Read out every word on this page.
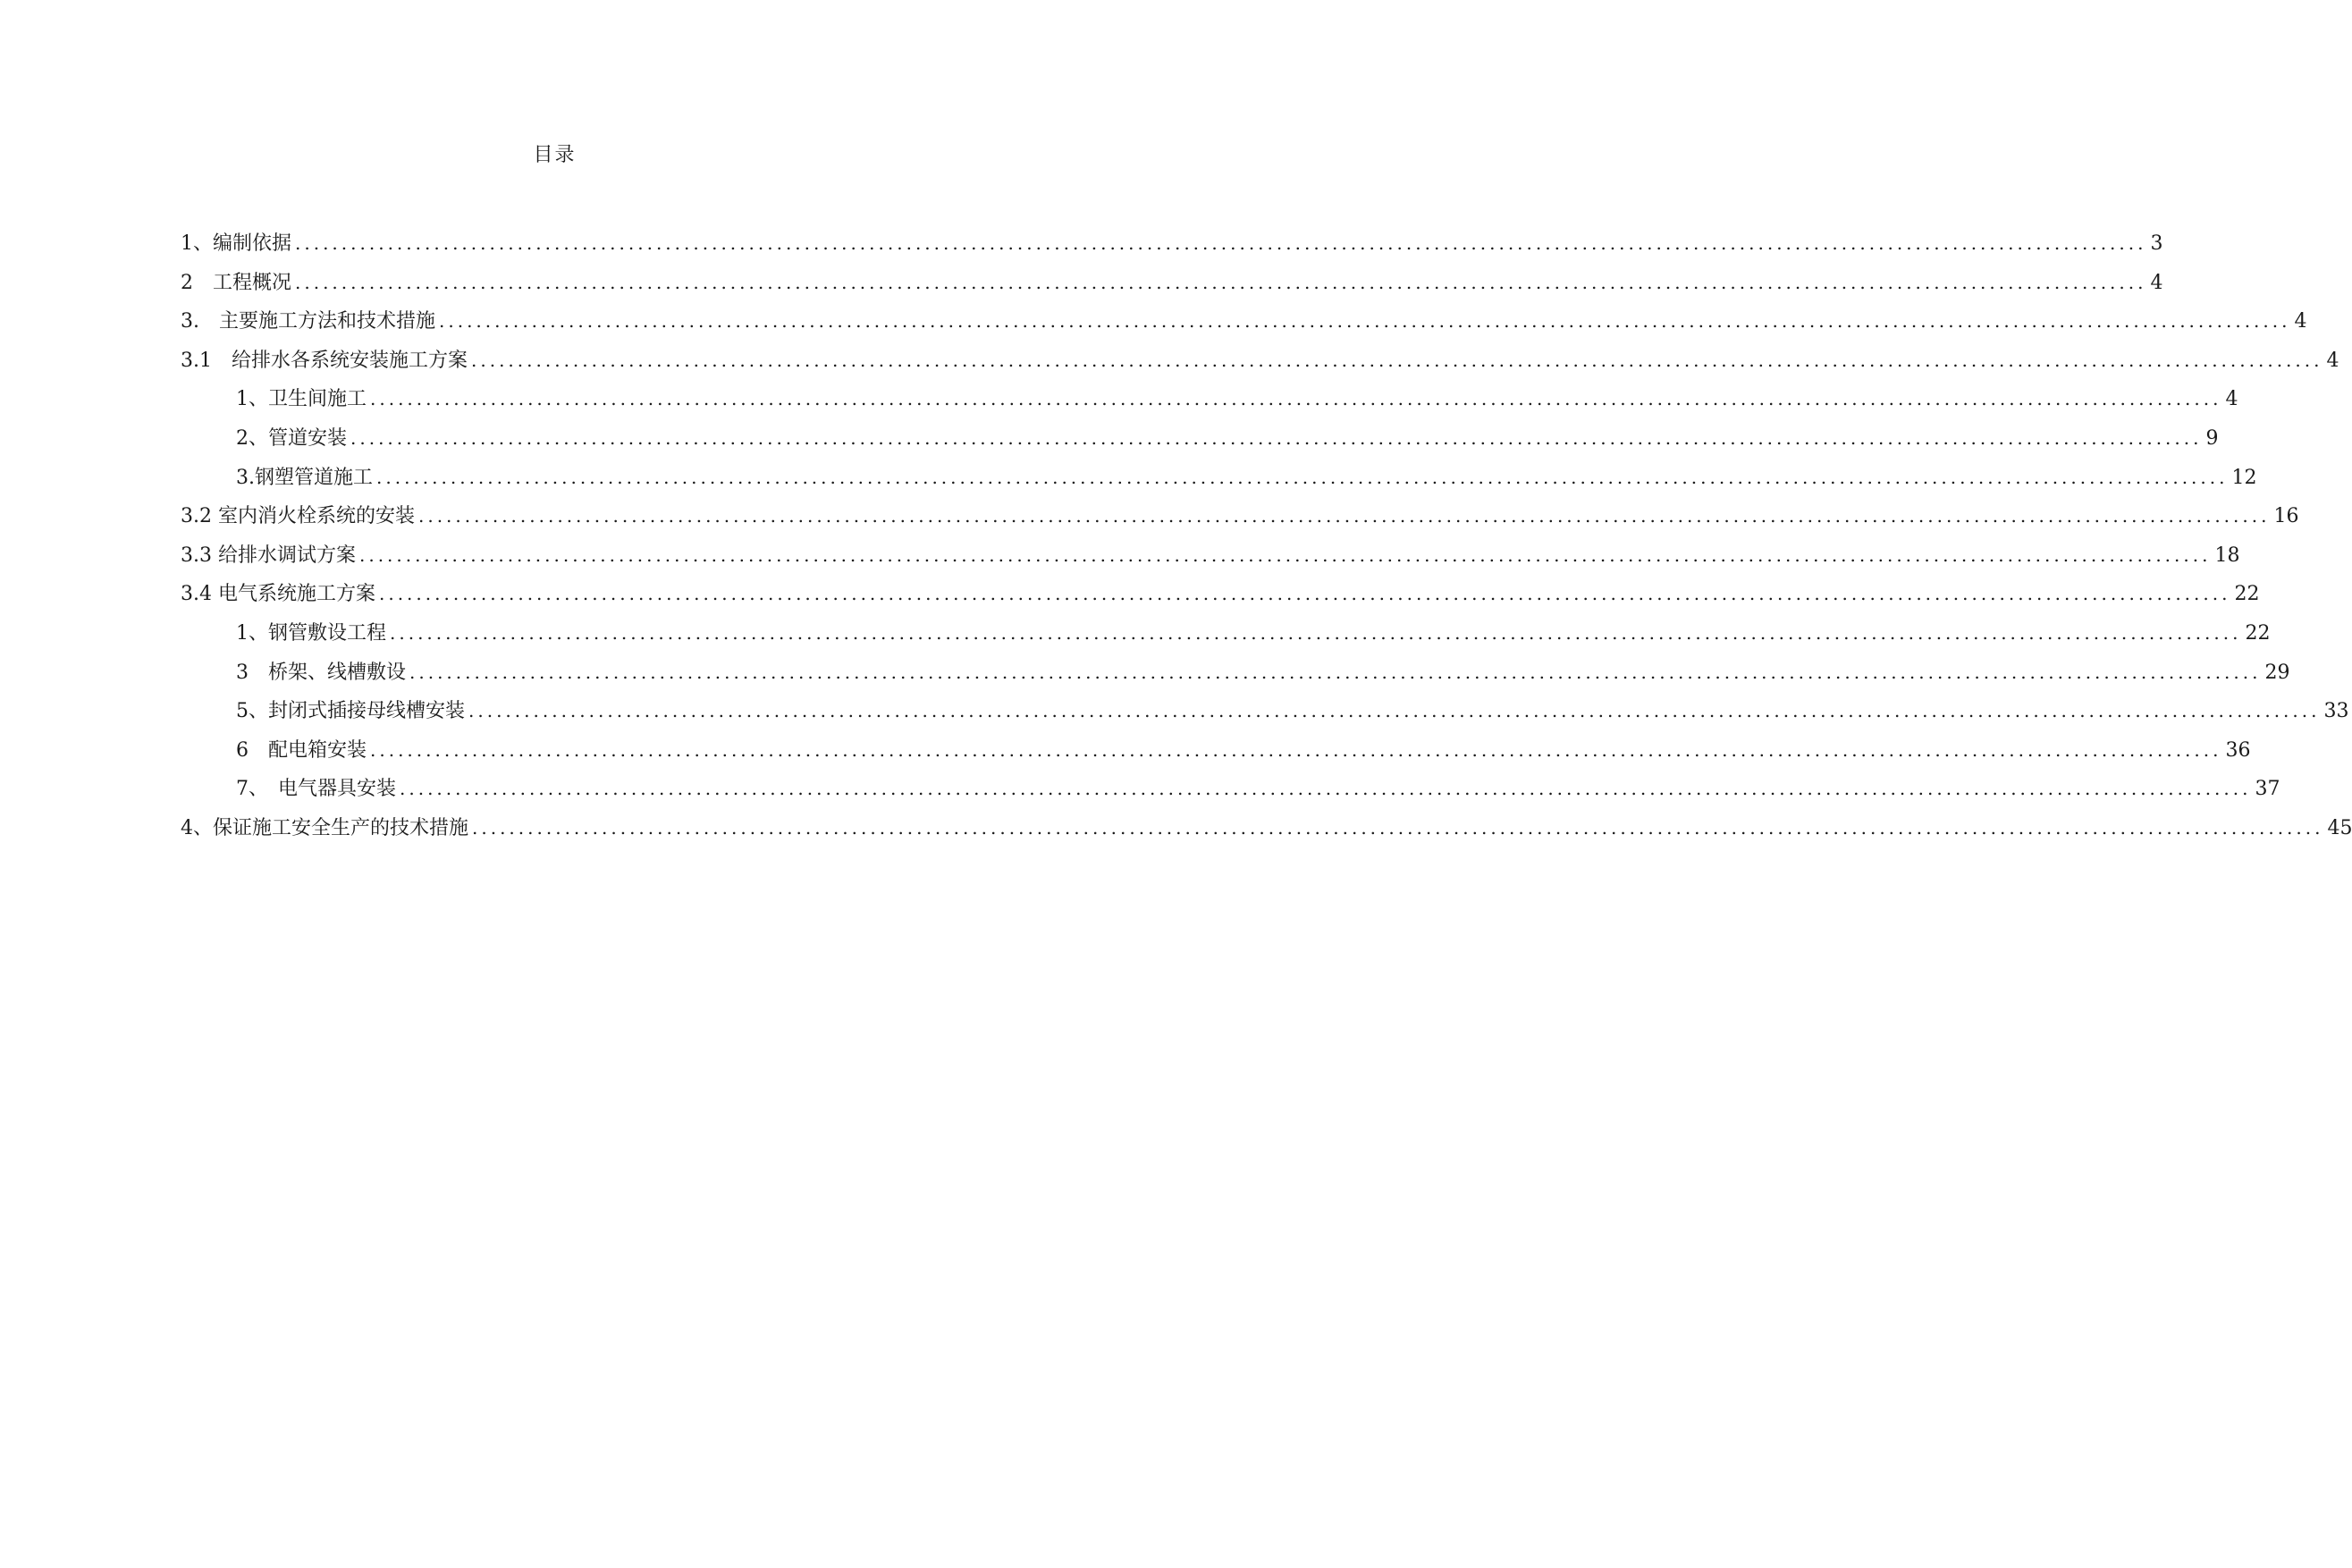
目录
1、编制依据 ........................................................................................................................................................................................................ 3
2　工程概况 ........................................................................................................................................................................................................ 4
3.　主要施工方法和技术措施 ........................................................................................................................................................................................................ 4
3.1　给排水各系统安装施工方案 ........................................................................................................................................................................................................ 4
1、卫生间施工 ........................................................................................................................................................................................................ 4
2、管道安装 ........................................................................................................................................................................................................ 9
3.钢塑管道施工 ........................................................................................................................................................................................................ 12
3.2 室内消火栓系统的安装 ........................................................................................................................................................................................................ 16
3.3 给排水调试方案 ........................................................................................................................................................................................................ 18
3.4 电气系统施工方案 ........................................................................................................................................................................................................ 22
1、钢管敷设工程 ........................................................................................................................................................................................................ 22
3　桥架、线槽敷设 ........................................................................................................................................................................................................ 29
5、封闭式插接母线槽安装 ........................................................................................................................................................................................................ 33
6　配电箱安装 ........................................................................................................................................................................................................ 36
7、　电气器具安装 ........................................................................................................................................................................................................ 37
4、保证施工安全生产的技术措施 ........................................................................................................................................................................................................ 45
